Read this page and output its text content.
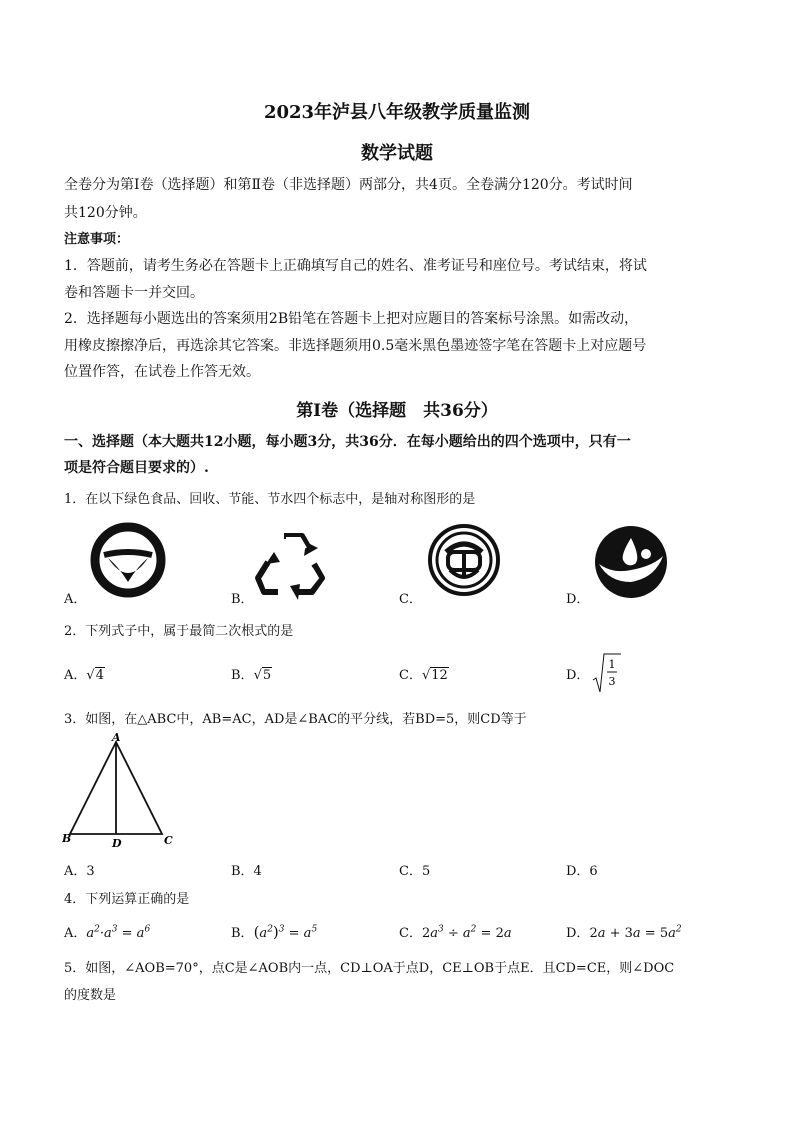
2023年泸县八年级教学质量监测
数学试题
全卷分为第Ⅰ卷（选择题）和第Ⅱ卷（非选择题）两部分，共4页。全卷满分120分。考试时间
共120分钟。
注意事项：
1．答题前，请考生务必在答题卡上正确填写自己的姓名、准考证号和座位号。考试结束，将试
卷和答题卡一并交回。
2．选择题每小题选出的答案须用2B铅笔在答题卡上把对应题目的答案标号涂黑。如需改动，
用橡皮擦擦净后，再选涂其它答案。非选择题须用0.5毫米黑色墨迹签字笔在答题卡上对应题号
位置作答，在试卷上作答无效。
第Ⅰ卷（选择题　共36分）
一、选择题（本大题共12小题，每小题3分，共36分．在每小题给出的四个选项中，只有一
项是符合题目要求的）.
1．在以下绿色食品、回收、节能、节水四个标志中，是轴对称图形的是
A．	B．	C．	D．
2．下列式子中，属于最简二次根式的是
A．√4	B．√5	C．√12	D．
1
3
3．如图，在△ABC中，AB=AC，AD是∠BAC的平分线，若BD=5，则CD等于
A
B	C
D
A．3	B．4	C．5	D．6
4．下列运算正确的是
A．$a^2\cdot a^3 = a^6$	B．$(a^2)^3 = a^5$	C．$2a^3 \div a^2 = 2a$	D．$2a + 3a = 5a^2$
5．如图，∠AOB=70°，点C是∠AOB内一点，CD⊥OA于点D，CE⊥OB于点E．且CD=CE，则∠DOC
的度数是
